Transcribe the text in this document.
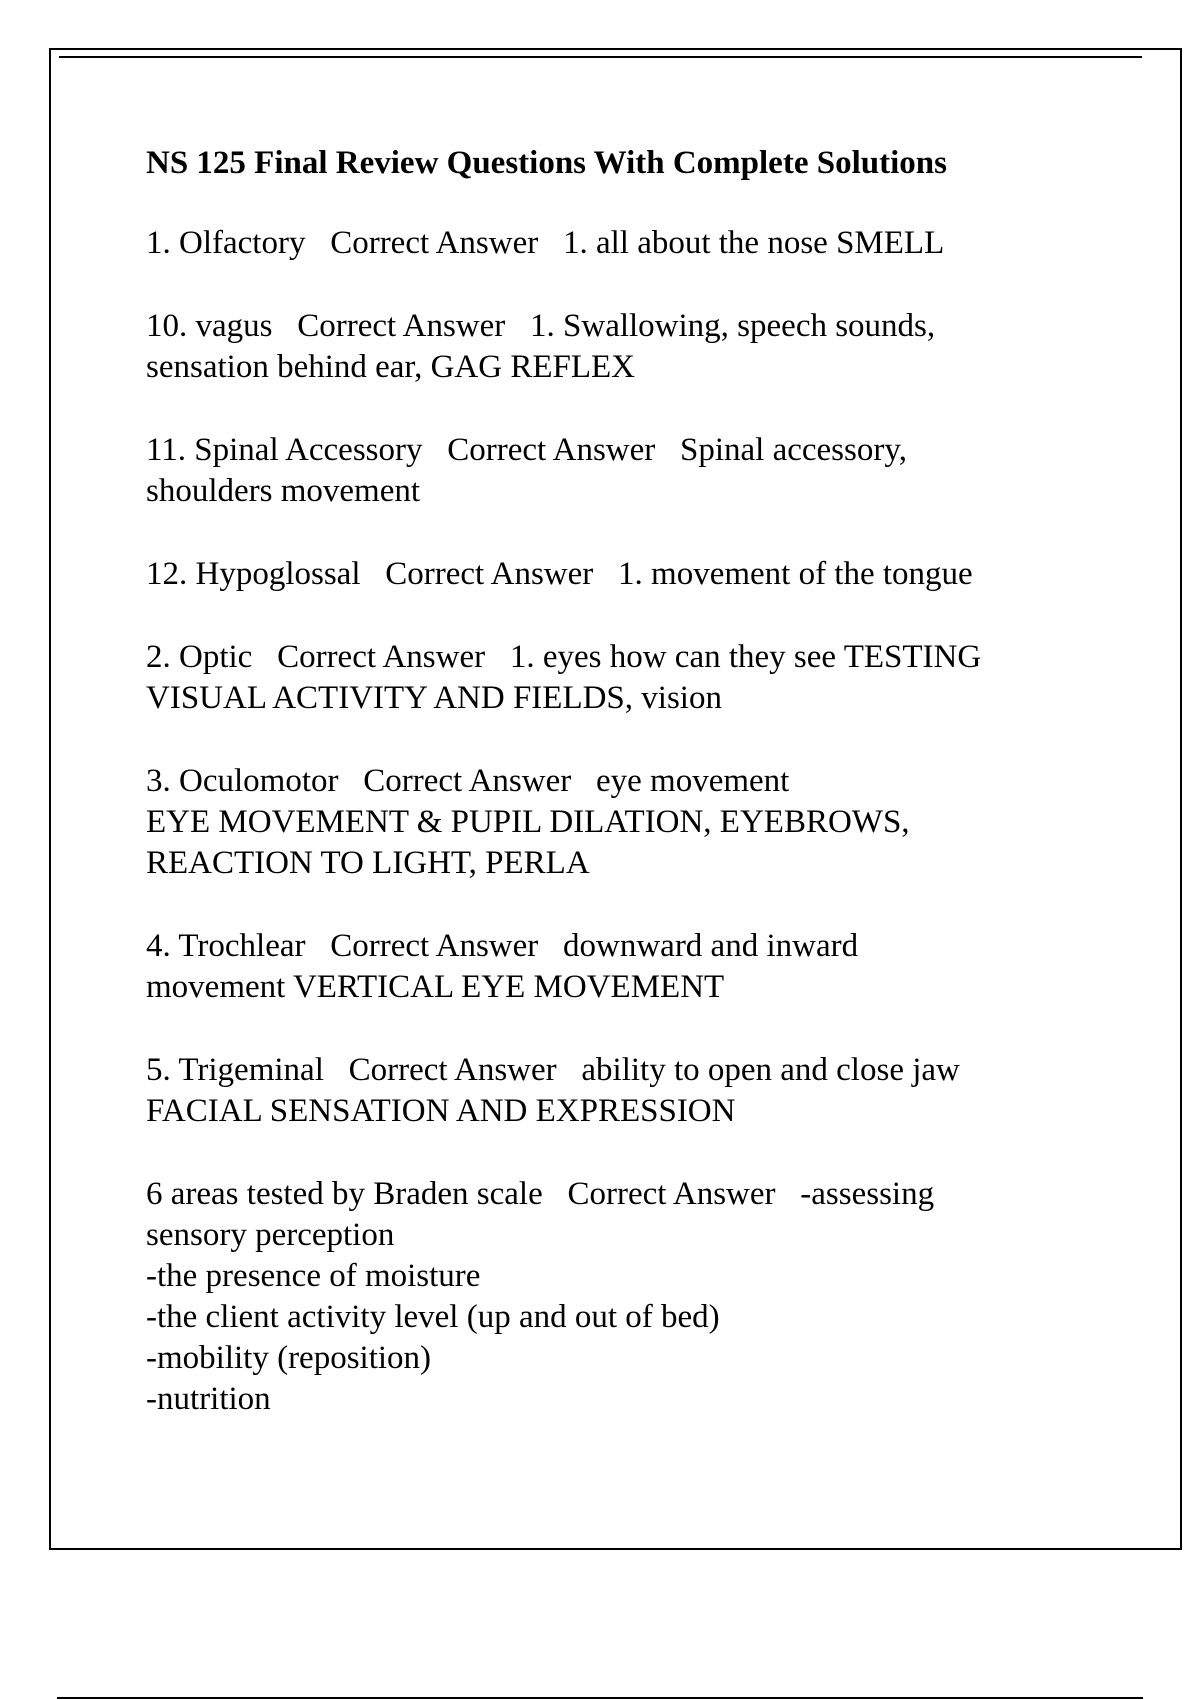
NS 125 Final Review Questions With Complete Solutions
1. Olfactory   Correct Answer   1. all about the nose SMELL
10. vagus   Correct Answer   1. Swallowing, speech sounds,
sensation behind ear, GAG REFLEX
11. Spinal Accessory   Correct Answer   Spinal accessory,
shoulders movement
12. Hypoglossal   Correct Answer   1. movement of the tongue
2. Optic   Correct Answer   1. eyes how can they see TESTING
VISUAL ACTIVITY AND FIELDS, vision
3. Oculomotor   Correct Answer   eye movement
EYE MOVEMENT & PUPIL DILATION, EYEBROWS,
REACTION TO LIGHT, PERLA
4. Trochlear   Correct Answer   downward and inward
movement VERTICAL EYE MOVEMENT
5. Trigeminal   Correct Answer   ability to open and close jaw
FACIAL SENSATION AND EXPRESSION
6 areas tested by Braden scale   Correct Answer   -assessing
sensory perception
-the presence of moisture
-the client activity level (up and out of bed)
-mobility (reposition)
-nutrition
